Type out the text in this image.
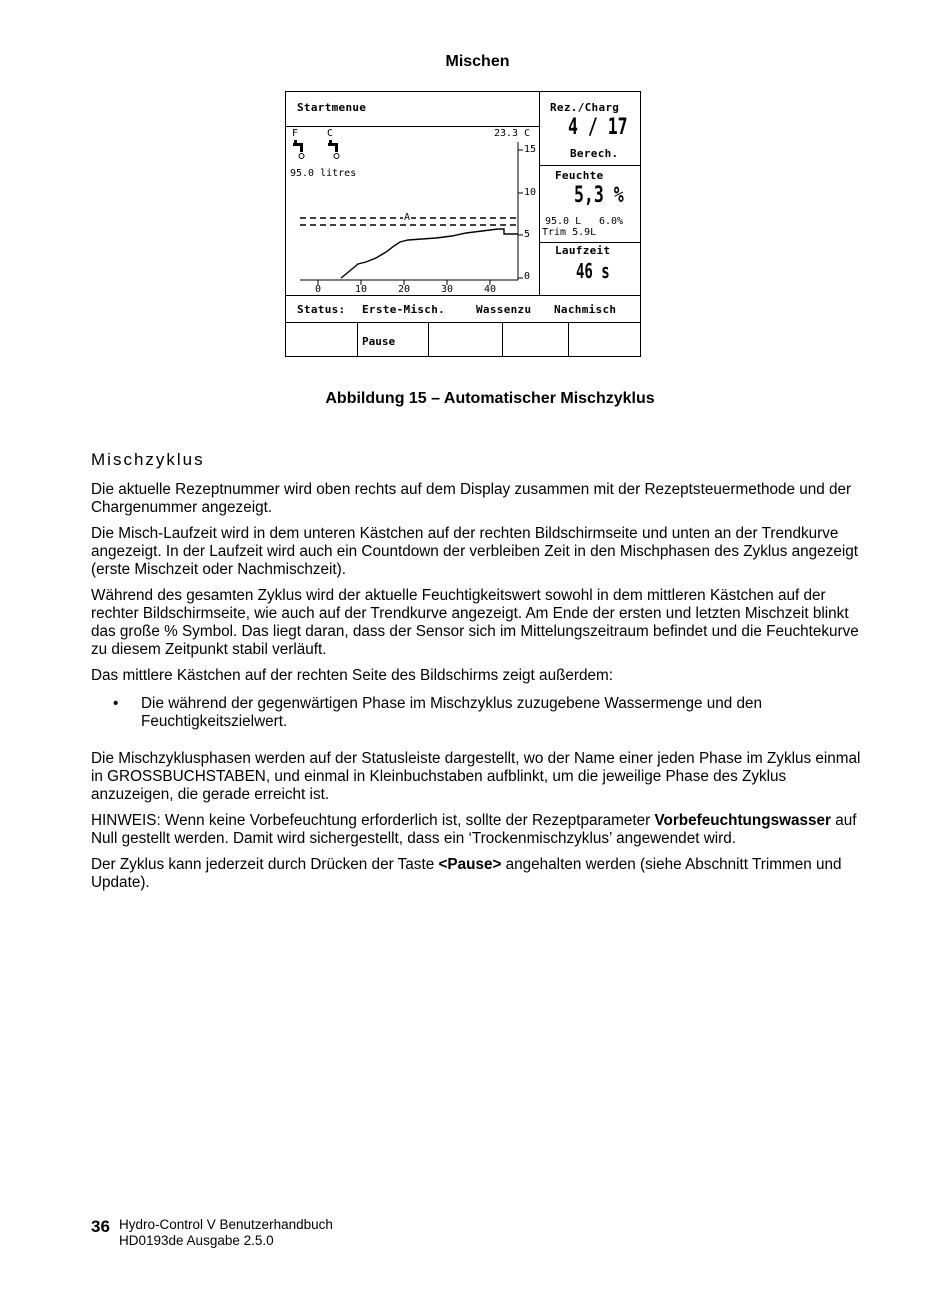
Mischen
Startmenue	Rez./Charg
4 / 17
Berech.
F	C	23.3 C
95.0 litres
A
15
10
5
0
0	10	20	30	40
Feuchte
5,3 %
95.0 L 6.0%
Trim 5.9L
Laufzeit
46 s
Status: Erste-Misch.	Wassenzu Nachmisch
Pause
Abbildung 15 – Automatischer Mischzyklus
Mischzyklus

Die aktuelle Rezeptnummer wird oben rechts auf dem Display zusammen mit der Rezeptsteuermethode und der Chargenummer angezeigt.

Die Misch-Laufzeit wird in dem unteren Kästchen auf der rechten Bildschirmseite und unten an der Trendkurve angezeigt. In der Laufzeit wird auch ein Countdown der verbleiben Zeit in den Mischphasen des Zyklus angezeigt (erste Mischzeit oder Nachmischzeit).

Während des gesamten Zyklus wird der aktuelle Feuchtigkeitswert sowohl in dem mittleren Kästchen auf der rechter Bildschirmseite, wie auch auf der Trendkurve angezeigt. Am Ende der ersten und letzten Mischzeit blinkt das große % Symbol. Das liegt daran, dass der Sensor sich im Mittelungszeitraum befindet und die Feuchtekurve zu diesem Zeitpunkt stabil verläuft.

Das mittlere Kästchen auf der rechten Seite des Bildschirms zeigt außerdem:

• Die während der gegenwärtigen Phase im Mischzyklus zuzugebene Wassermenge und den Feuchtigkeitszielwert.

Die Mischzyklusphasen werden auf der Statusleiste dargestellt, wo der Name einer jeden Phase im Zyklus einmal in GROSSBUCHSTABEN, und einmal in Kleinbuchstaben aufblinkt, um die jeweilige Phase des Zyklus anzuzeigen, die gerade erreicht ist.

HINWEIS: Wenn keine Vorbefeuchtung erforderlich ist, sollte der Rezeptparameter Vorbefeuchtungswasser auf Null gestellt werden. Damit wird sichergestellt, dass ein ‘Trockenmischzyklus’ angewendet wird.

Der Zyklus kann jederzeit durch Drücken der Taste <Pause> angehalten werden (siehe Abschnitt Trimmen und Update).

36 Hydro-Control V Benutzerhandbuch
HD0193de Ausgabe 2.5.0
